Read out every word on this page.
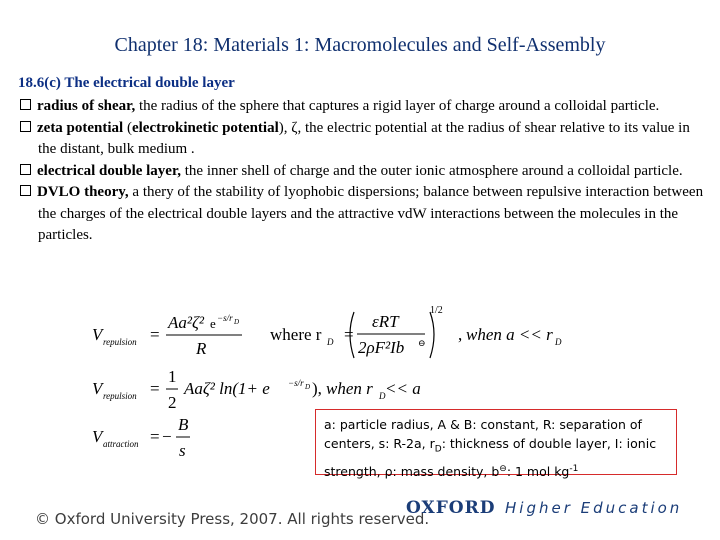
Chapter 18: Materials 1: Macromolecules and Self-Assembly
18.6(c) The electrical double layer
radius of shear, the radius of the sphere that captures a rigid layer of charge around a colloidal particle.
zeta potential (electrokinetic potential), ζ, the electric potential at the radius of shear relative to its value in the distant, bulk medium .
electrical double layer, the inner shell of charge and the outer ionic atmosphere around a colloidal particle.
DVLO theory, a thery of the stability of lyophobic dispersions; balance between repulsive interaction between the charges of the electrical double layers and the attractive vdW interactions between the molecules in the particles.
V repulsion =
Aa²ζ² e −s/r D
R
where r D =
εRT
2ρF²Ib ⊖
1/2
, when a << r D
V repulsion =
1
2
Aaζ² ln(1+ e −s/r D ), when r D << a
V attraction = −
B
s
a: particle radius, A & B: constant, R: separation of
centers, s: R-2a, $r_D$: thickness of double layer, I: ionic
strength, ρ: mass density, b⊖: 1 mol $kg^{-1}$
© Oxford University Press, 2007. All rights reserved.
OXFORD Higher Education
